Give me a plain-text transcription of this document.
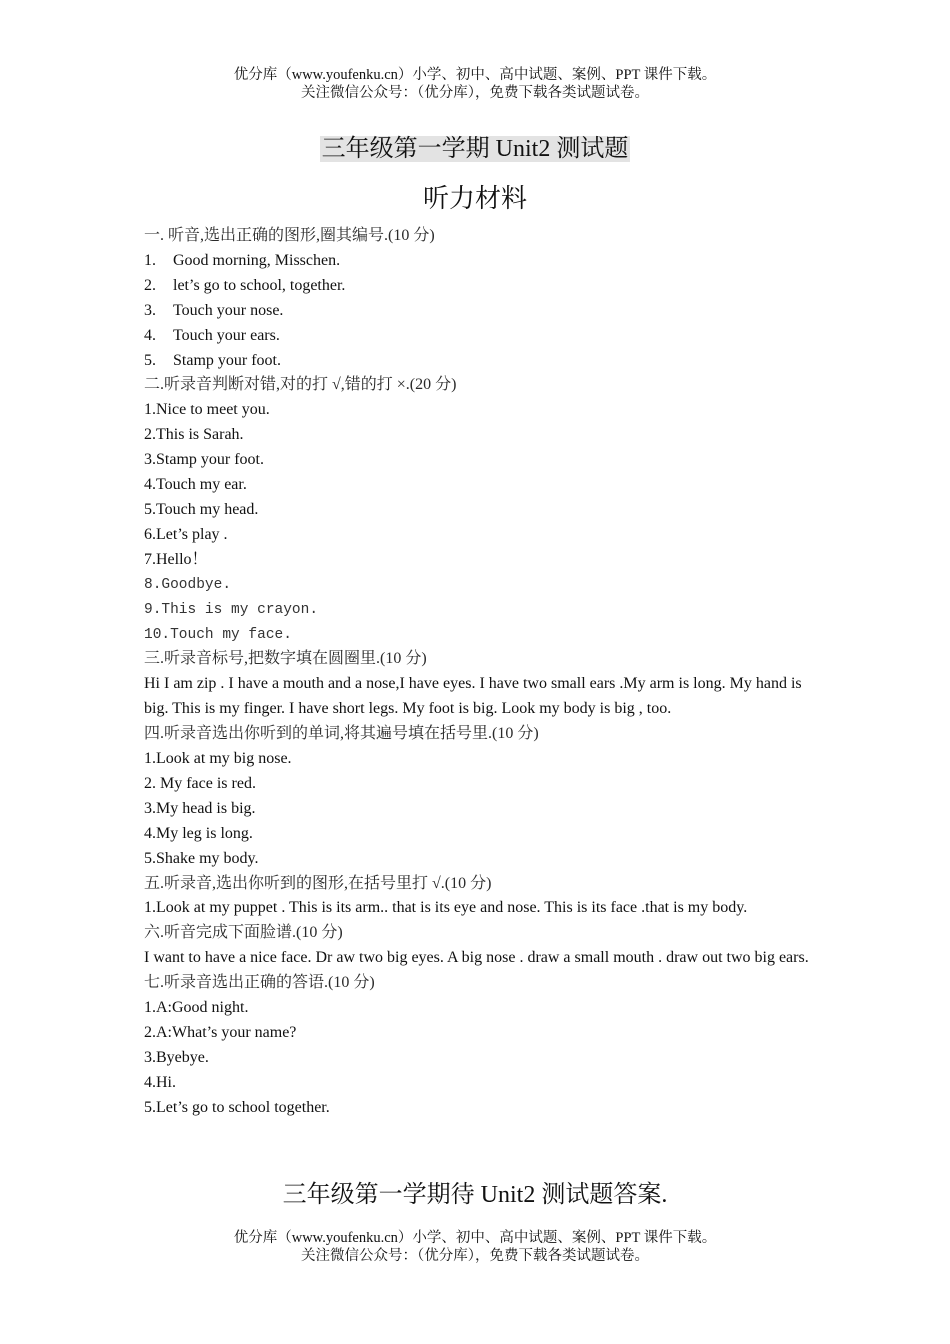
优分库（www.youfenku.cn）小学、初中、高中试题、案例、PPT 课件下载。
关注微信公众号：（优分库），免费下载各类试题试卷。
三年级第一学期 Unit2 测试题
听力材料
一. 听音,选出正确的图形,圈其编号.(10 分)
1. Good morning, Misschen.
2. let’s go to school, together.
3. Touch your nose.
4. Touch your ears.
5. Stamp your foot.
二.听录音判断对错,对的打 √,错的打 ×.(20 分)
1.Nice to meet you.
2.This is Sarah.
3.Stamp your foot.
4.Touch my ear.
5.Touch my head.
6.Let’s play .
7.Hello！
8.Goodbye.
9.This is my crayon.
10.Touch my face.
三.听录音标号,把数字填在圆圈里.(10 分)
Hi I am zip . I have a mouth and a nose,I have eyes. I have two small ears .My arm is long. My hand is big. This is my finger. I have short legs. My foot is big. Look my body is big , too.
四.听录音选出你听到的单词,将其遍号填在括号里.(10 分)
1.Look at my big nose.
2. My face is red.
3.My head is big.
4.My leg is long.
5.Shake my body.
五.听录音,选出你听到的图形,在括号里打 √.(10 分)
1.Look at my puppet . This is its arm.. that is its eye and nose. This is its face .that is my body.
六.听音完成下面脸谱.(10 分)
I want to have a nice face. Dr aw two big eyes. A big nose . draw a small mouth . draw out two big ears.
七.听录音选出正确的答语.(10 分)
1.A:Good night.
2.A:What’s your name?
3.Byebye.
4.Hi.
5.Let’s go to school together.
三年级第一学期待 Unit2 测试题答案.
优分库（www.youfenku.cn）小学、初中、高中试题、案例、PPT 课件下载。
关注微信公众号：（优分库），免费下载各类试题试卷。
